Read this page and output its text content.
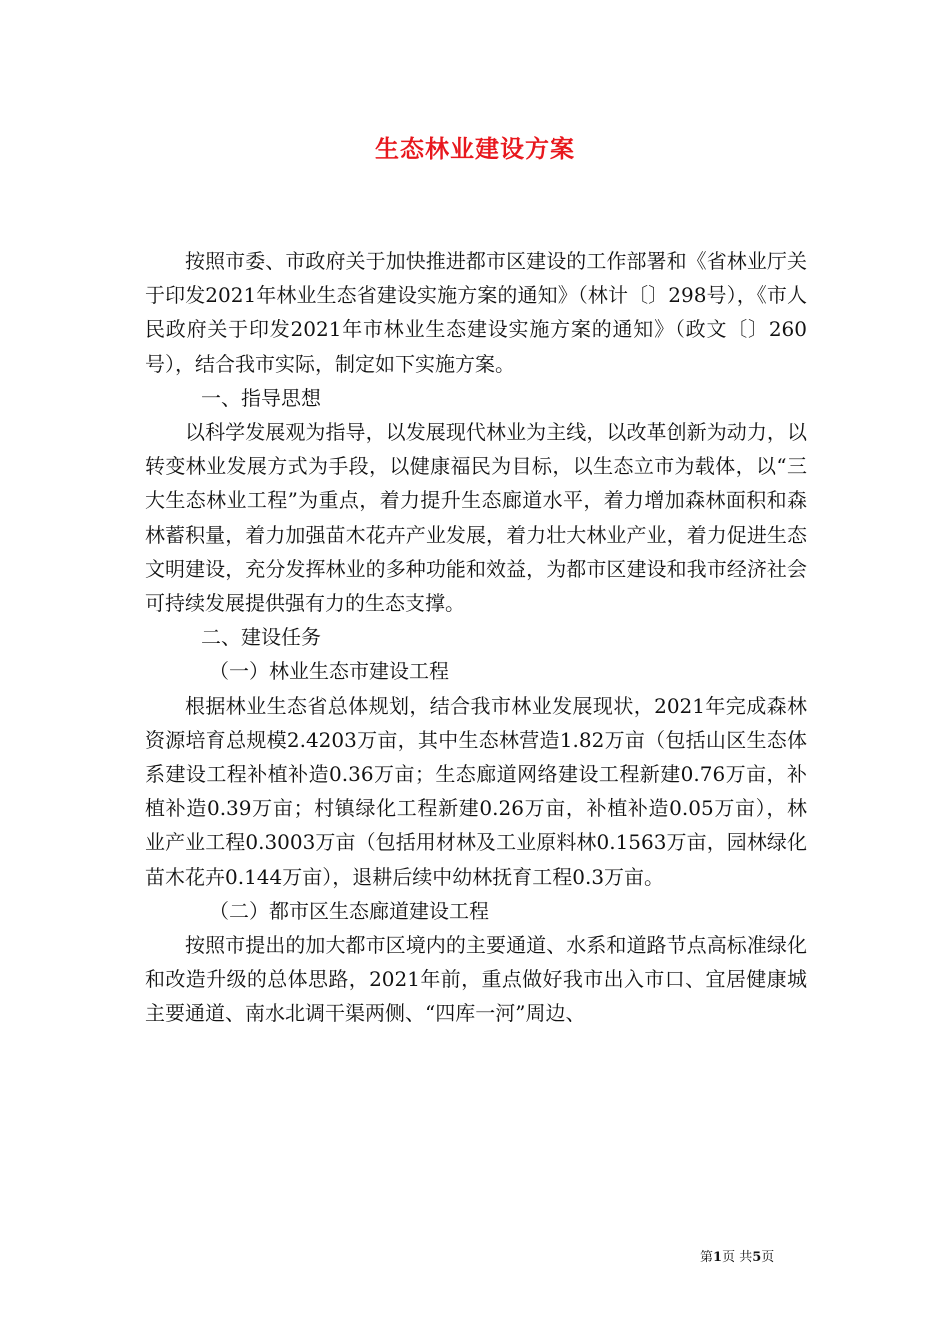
生态林业建设方案

按照市委、市政府关于加快推进都市区建设的工作部署和《省林业厅关于印发2021年林业生态省建设实施方案的通知》（林计〔〕298号），《市人民政府关于印发2021年市林业生态建设实施方案的通知》（政文〔〕260号），结合我市实际，制定如下实施方案。

一、指导思想

以科学发展观为指导，以发展现代林业为主线，以改革创新为动力，以转变林业发展方式为手段，以健康福民为目标，以生态立市为载体，以“三大生态林业工程”为重点，着力提升生态廊道水平，着力增加森林面积和森林蓄积量，着力加强苗木花卉产业发展，着力壮大林业产业，着力促进生态文明建设，充分发挥林业的多种功能和效益，为都市区建设和我市经济社会可持续发展提供强有力的生态支撑。

二、建设任务

（一）林业生态市建设工程

根据林业生态省总体规划，结合我市林业发展现状，2021年完成森林资源培育总规模2.4203万亩，其中生态林营造1.82万亩（包括山区生态体系建设工程补植补造0.36万亩；生态廊道网络建设工程新建0.76万亩，补植补造0.39万亩；村镇绿化工程新建0.26万亩，补植补造0.05万亩），林业产业工程0.3003万亩（包括用材林及工业原料林0.1563万亩，园林绿化苗木花卉0.144万亩），退耕后续中幼林抚育工程0.3万亩。

（二）都市区生态廊道建设工程

按照市提出的加大都市区境内的主要通道、水系和道路节点高标准绿化和改造升级的总体思路，2021年前，重点做好我市出入市口、宜居健康城主要通道、南水北调干渠两侧、“四库一河”周边、

第1页 共5页
